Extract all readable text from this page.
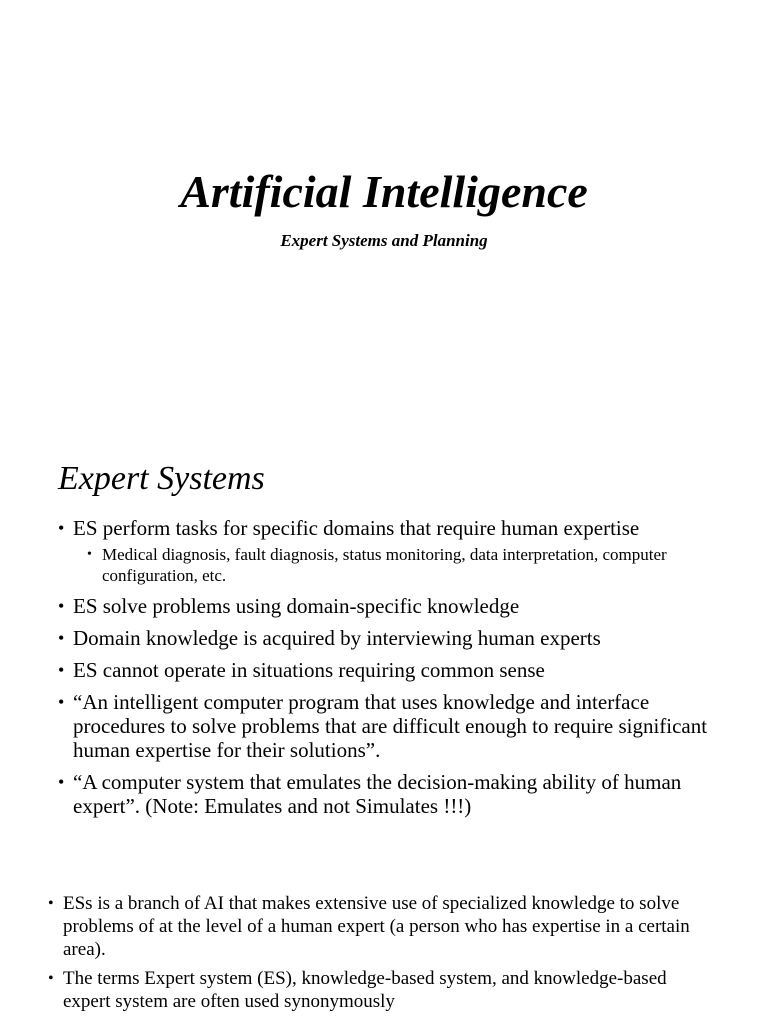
Artificial Intelligence
Expert Systems and Planning
Expert Systems
• ES perform tasks for specific domains that require human expertise
• Medical diagnosis, fault diagnosis, status monitoring, data interpretation, computer configuration, etc.
• ES solve problems using domain-specific knowledge
• Domain knowledge is acquired by interviewing human experts
• ES cannot operate in situations requiring common sense
• “An intelligent computer program that uses knowledge and interface procedures to solve problems that are difficult enough to require significant human expertise for their solutions”.
• “A computer system that emulates the decision-making ability of human expert”. (Note: Emulates and not Simulates !!!)
• ESs is a branch of AI that makes extensive use of specialized knowledge to solve problems of at the level of a human expert (a person who has expertise in a certain area).
• The terms Expert system (ES), knowledge-based system, and knowledge-based expert system are often used synonymously
